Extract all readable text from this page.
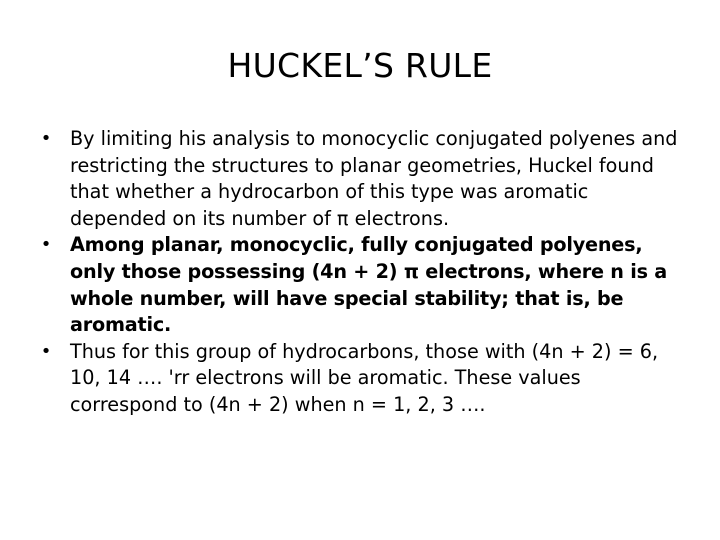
HUCKEL’S RULE
• By limiting his analysis to monocyclic conjugated polyenes and restricting the structures to planar geometries, Huckel found that whether a hydrocarbon of this type was aromatic depended on its number of π electrons.
• Among planar, monocyclic, fully conjugated polyenes, only those possessing (4n + 2) π electrons, where n is a whole number, will have special stability; that is, be aromatic.
• Thus for this group of hydrocarbons, those with (4n + 2) = 6, 10, 14 …. 'rr electrons will be aromatic. These values correspond to (4n + 2) when n = 1, 2, 3 ….
